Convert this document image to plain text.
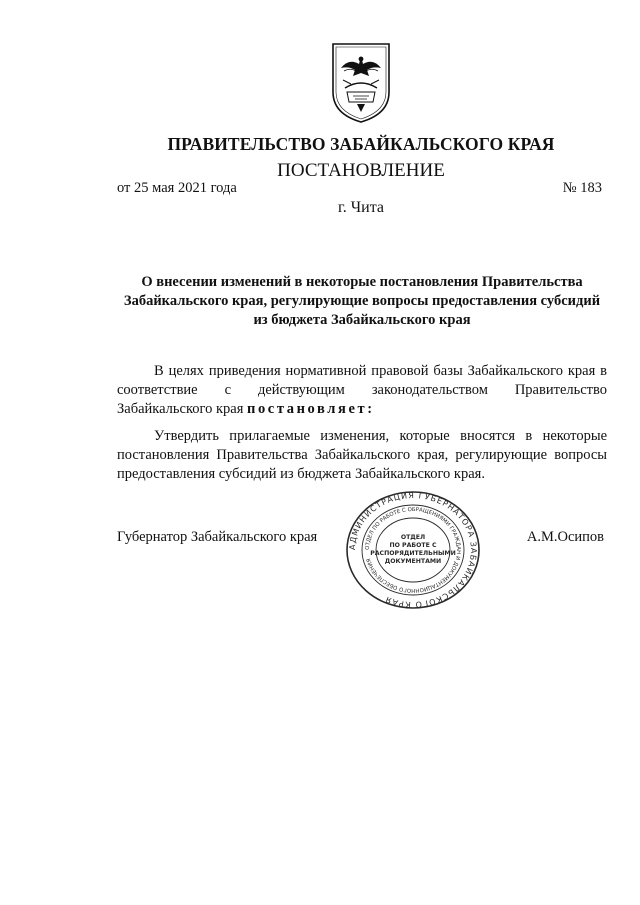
ПРАВИТЕЛЬСТВО ЗАБАЙКАЛЬСКОГО КРАЯ
ПОСТАНОВЛЕНИЕ
от 25 мая 2021 года	№ 183
г. Чита
О внесении изменений в некоторые постановления Правительства
Забайкальского края, регулирующие вопросы предоставления субсидий
из бюджета Забайкальского края
В целях приведения нормативной правовой базы Забайкальского края в
соответствие с действующим законодательством Правительство
Забайкальского края постановляет:
Утвердить прилагаемые изменения, которые вносятся в некоторые
постановления Правительства Забайкальского края, регулирующие вопросы
предоставления субсидий из бюджета Забайкальского края.
Губернатор Забайкальского края	А.М.Осипов
АДМИНИСТРАЦИЯ ГУБЕРНАТОРА ЗАБАЙКАЛЬСКОГО КРАЯ
ОТДЕЛ ПО РАБОТЕ С ОБРАЩЕНИЯМИ ГРАЖДАН И ДОКУМЕНТАЦИОННОГО ОБЕСПЕЧЕНИЯ
ОТДЕЛ
ПО РАБОТЕ С
РАСПОРЯДИТЕЛЬНЫМИ
ДОКУМЕНТАМИ
